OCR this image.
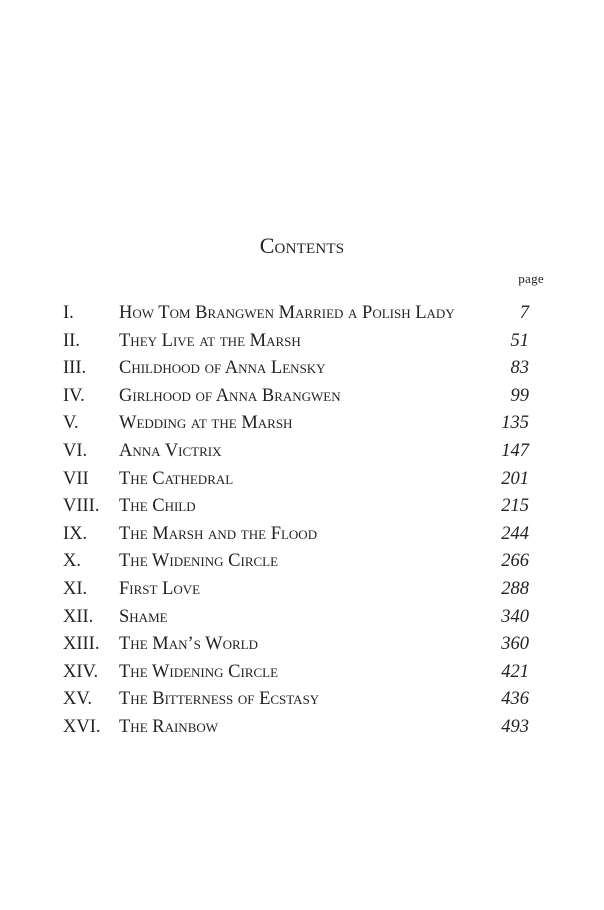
Contents
page
I.	How Tom Brangwen Married a Polish Lady	7
II.	They Live at the Marsh	51
III.	Childhood of Anna Lensky	83
IV.	Girlhood of Anna Brangwen	99
V.	Wedding at the Marsh	135
VI.	Anna Victrix	147
VII	The Cathedral	201
VIII.	The Child	215
IX.	The Marsh and the Flood	244
X.	The Widening Circle	266
XI.	First Love	288
XII.	Shame	340
XIII.	The Man’s World	360
XIV.	The Widening Circle	421
XV.	The Bitterness of Ecstasy	436
XVI. The Rainbow	493
